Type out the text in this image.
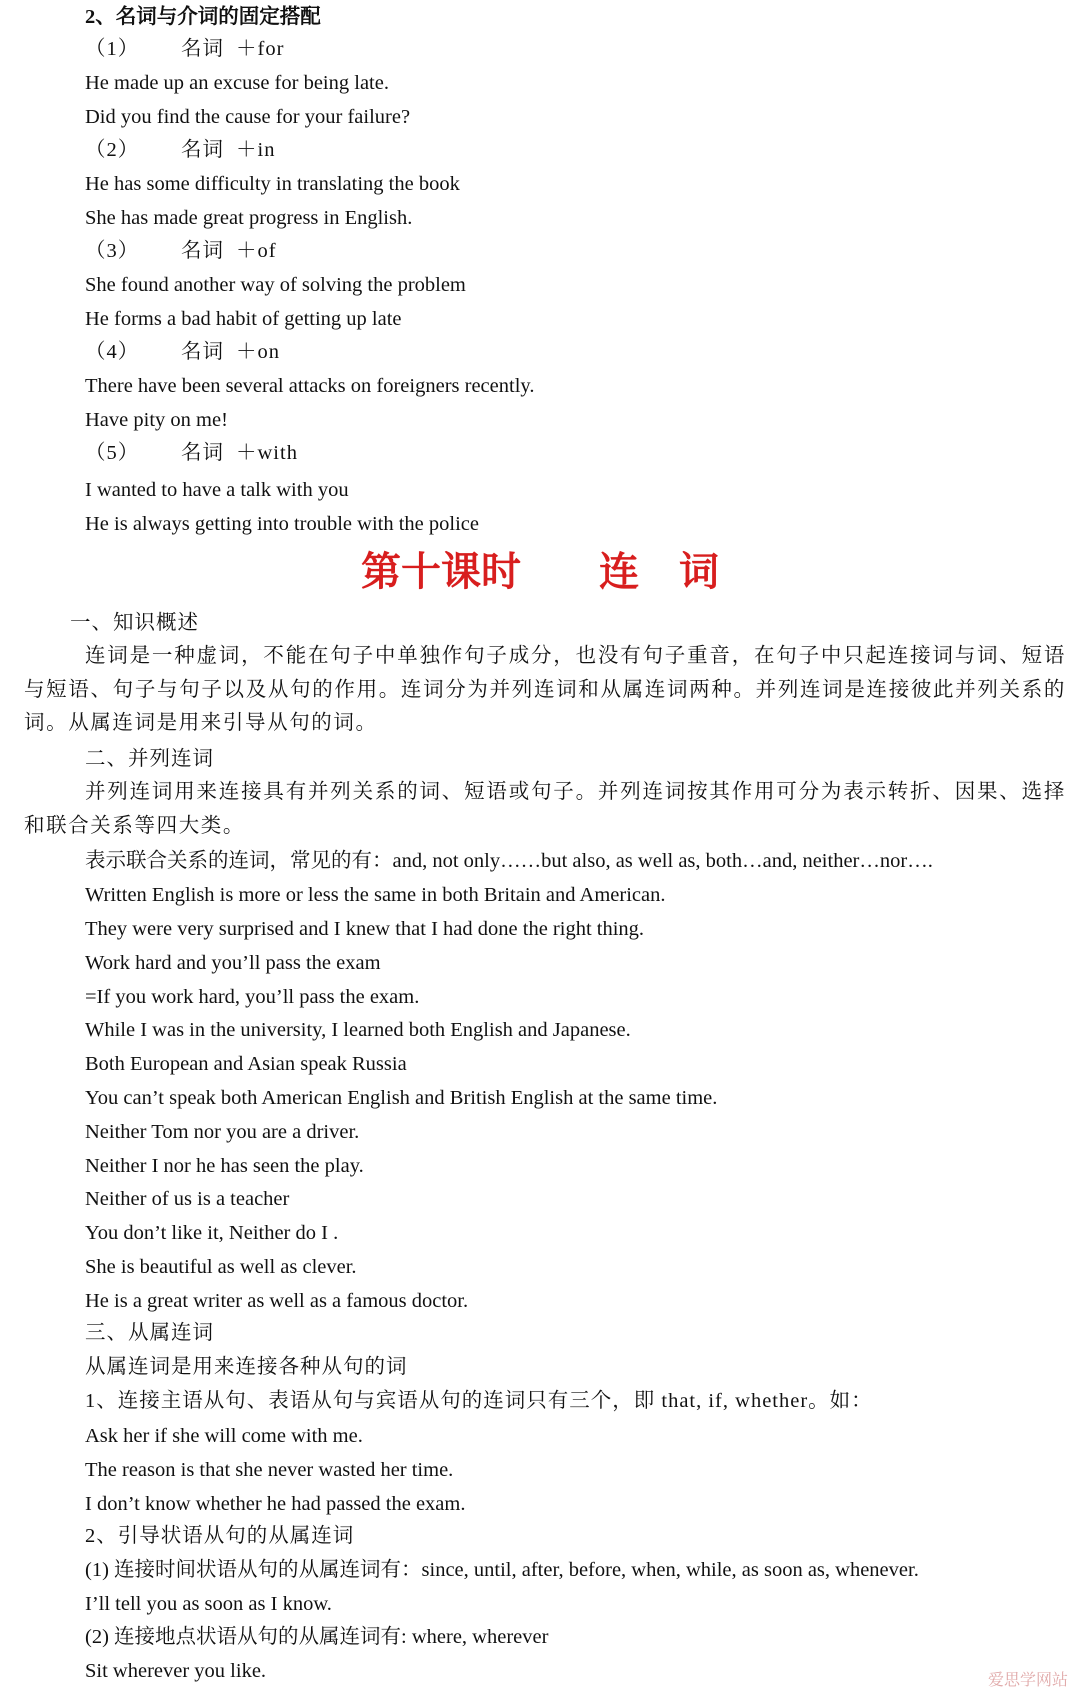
2、名词与介词的固定搭配
（1） 名词 ＋for
He made up an excuse for being late.
Did you find the cause for your failure?
（2） 名词 ＋in
He has some difficulty in translating the book
She has made great progress in English.
（3） 名词 ＋of
She found another way of solving the problem
He forms a bad habit of getting up late
（4） 名词 ＋on
There have been several attacks on foreigners recently.
Have pity on me!
（5） 名词 ＋with
I wanted to have a talk with you
He is always getting into trouble with the police
第十课时 连 词
一、知识概述
连词是一种虚词，不能在句子中单独作句子成分，也没有句子重音，在句子中只起连接词与词、短语与短语、句子与句子以及从句的作用。连词分为并列连词和从属连词两种。并列连词是连接彼此并列关系的词。从属连词是用来引导从句的词。
二、并列连词
并列连词用来连接具有并列关系的词、短语或句子。并列连词按其作用可分为表示转折、因果、选择和联合关系等四大类。
表示联合关系的连词，常见的有：and, not only……but also, as well as, both…and, neither…nor….
Written English is more or less the same in both Britain and American.
They were very surprised and I knew that I had done the right thing.
Work hard and you’ll pass the exam
=If you work hard, you’ll pass the exam.
While I was in the university, I learned both English and Japanese.
Both European and Asian speak Russia
You can’t speak both American English and British English at the same time.
Neither Tom nor you are a driver.
Neither I nor he has seen the play.
Neither of us is a teacher
You don’t like it, Neither do I .
She is beautiful as well as clever.
He is a great writer as well as a famous doctor.
三、从属连词
从属连词是用来连接各种从句的词
1、连接主语从句、表语从句与宾语从句的连词只有三个，即 that, if, whether。如：
Ask her if she will come with me.
The reason is that she never wasted her time.
I don’t know whether he had passed the exam.
2、引导状语从句的从属连词
(1) 连接时间状语从句的从属连词有：since, until, after, before, when, while, as soon as, whenever.
I’ll tell you as soon as I know.
(2) 连接地点状语从句的从属连词有: where, wherever
Sit wherever you like.	爱思学网站
